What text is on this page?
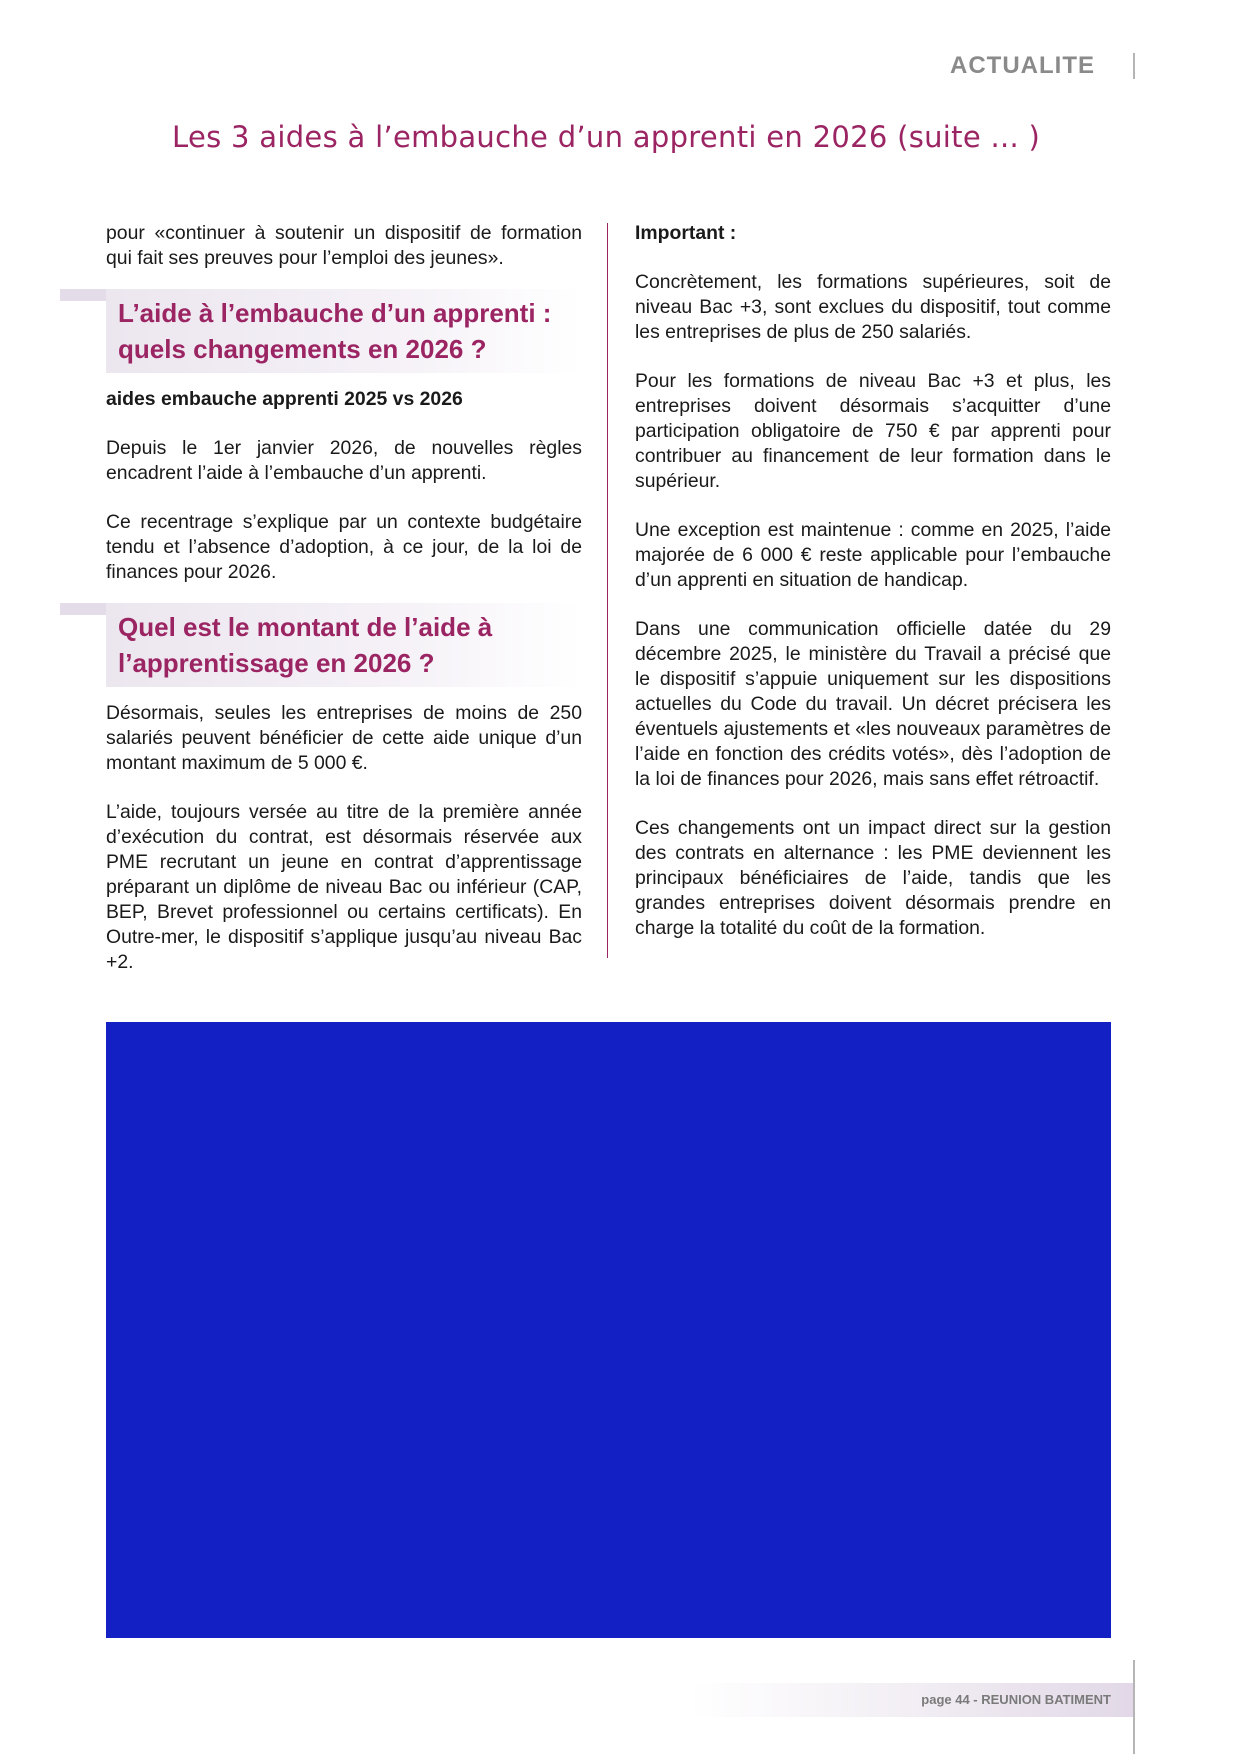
ACTUALITE
Les 3 aides à l’embauche d’un apprenti en 2026 (suite ... )

pour «continuer à soutenir un dispositif de formation qui fait ses preuves pour l’emploi des jeunes».

L’aide à l’embauche d’un apprenti : quels changements en 2026 ?

aides embauche apprenti 2025 vs 2026

Depuis le 1er janvier 2026, de nouvelles règles encadrent l’aide à l’embauche d’un apprenti.

Ce recentrage s’explique par un contexte budgétaire tendu et l’absence d’adoption, à ce jour, de la loi de finances pour 2026.

Quel est le montant de l’aide à l’apprentissage en 2026 ?

Désormais, seules les entreprises de moins de 250 salariés peuvent bénéficier de cette aide unique d’un montant maximum de 5 000 €.

L’aide, toujours versée au titre de la première année d’exécution du contrat, est désormais réservée aux PME recrutant un jeune en contrat d’apprentissage préparant un diplôme de niveau Bac ou inférieur (CAP, BEP, Brevet professionnel ou certains certificats). En Outre-mer, le dispositif s’applique jusqu’au niveau Bac +2.

Important :

Concrètement, les formations supérieures, soit de niveau Bac +3, sont exclues du dispositif, tout comme les entreprises de plus de 250 salariés.

Pour les formations de niveau Bac +3 et plus, les entreprises doivent désormais s’acquitter d’une participation obligatoire de 750 € par apprenti pour contribuer au financement de leur formation dans le supérieur.

Une exception est maintenue : comme en 2025, l’aide majorée de 6 000 € reste applicable pour l’embauche d’un apprenti en situation de handicap.

Dans une communication officielle datée du 29 décembre 2025, le ministère du Travail a précisé que le dispositif s’appuie uniquement sur les dispositions actuelles du Code du travail. Un décret précisera les éventuels ajustements et «les nouveaux paramètres de l’aide en fonction des crédits votés», dès l’adoption de la loi de finances pour 2026, mais sans effet rétroactif.

Ces changements ont un impact direct sur la gestion des contrats en alternance : les PME deviennent les principaux bénéficiaires de l’aide, tandis que les grandes entreprises doivent désormais prendre en charge la totalité du coût de la formation.

page 44 - REUNION BATIMENT
